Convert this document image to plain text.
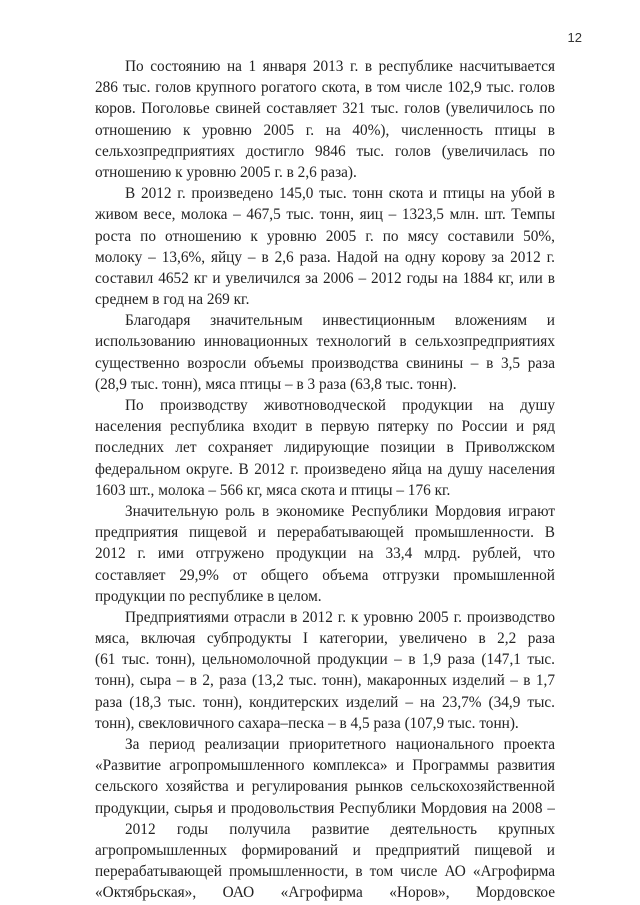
12
По состоянию на 1 января 2013 г. в республике насчитывается
286 тыс. голов крупного рогатого скота, в том числе 102,9 тыс. голов
коров. Поголовье свиней составляет 321 тыс. голов (увеличилось по
отношению к уровню 2005 г. на 40%), численность птицы в
сельхозпредприятиях достигло 9846 тыс. голов (увеличилась по
отношению к уровню 2005 г. в 2,6 раза).
В 2012 г. произведено 145,0 тыс. тонн скота и птицы на убой в
живом весе, молока – 467,5 тыс. тонн, яиц – 1323,5 млн. шт. Темпы
роста по отношению к уровню 2005 г. по мясу составили 50%,
молоку – 13,6%, яйцу – в 2,6 раза. Надой на одну корову за 2012 г.
составил 4652 кг и увеличился за 2006 – 2012 годы на 1884 кг, или в
среднем в год на 269 кг.
Благодаря значительным инвестиционным вложениям и
использованию инновационных технологий в сельхозпредприятиях
существенно возросли объемы производства свинины – в 3,5 раза
(28,9 тыс. тонн), мяса птицы – в 3 раза (63,8 тыс. тонн).
По производству животноводческой продукции на душу
населения республика входит в первую пятерку по России и ряд
последних лет сохраняет лидирующие позиции в Приволжском
федеральном округе. В 2012 г. произведено яйца на душу населения
1603 шт., молока – 566 кг, мяса скота и птицы – 176 кг.
Значительную роль в экономике Республики Мордовия играют
предприятия пищевой и перерабатывающей промышленности. В
2012 г. ими отгружено продукции на 33,4 млрд. рублей, что
составляет 29,9% от общего объема отгрузки промышленной
продукции по республике в целом.
Предприятиями отрасли в 2012 г. к уровню 2005 г. производство
мяса, включая субпродукты I категории, увеличено в 2,2 раза
(61 тыс. тонн), цельномолочной продукции – в 1,9 раза (147,1 тыс.
тонн), сыра – в 2, раза (13,2 тыс. тонн), макаронных изделий – в 1,7
раза (18,3 тыс. тонн), кондитерских изделий – на 23,7% (34,9 тыс.
тонн), свекловичного сахара–песка – в 4,5 раза (107,9 тыс. тонн).
За период реализации приоритетного национального проекта
«Развитие агропромышленного комплекса» и Программы развития
сельского хозяйства и регулирования рынков сельскохозяйственной
продукции, сырья и продовольствия Республики Мордовия на 2008 –
2012 годы получила развитие деятельность крупных
агропромышленных формирований и предприятий пищевой и
перерабатывающей промышленности, в том числе АО «Агрофирма
«Октябрьская», ОАО «Агрофирма «Норов», Мордовское
